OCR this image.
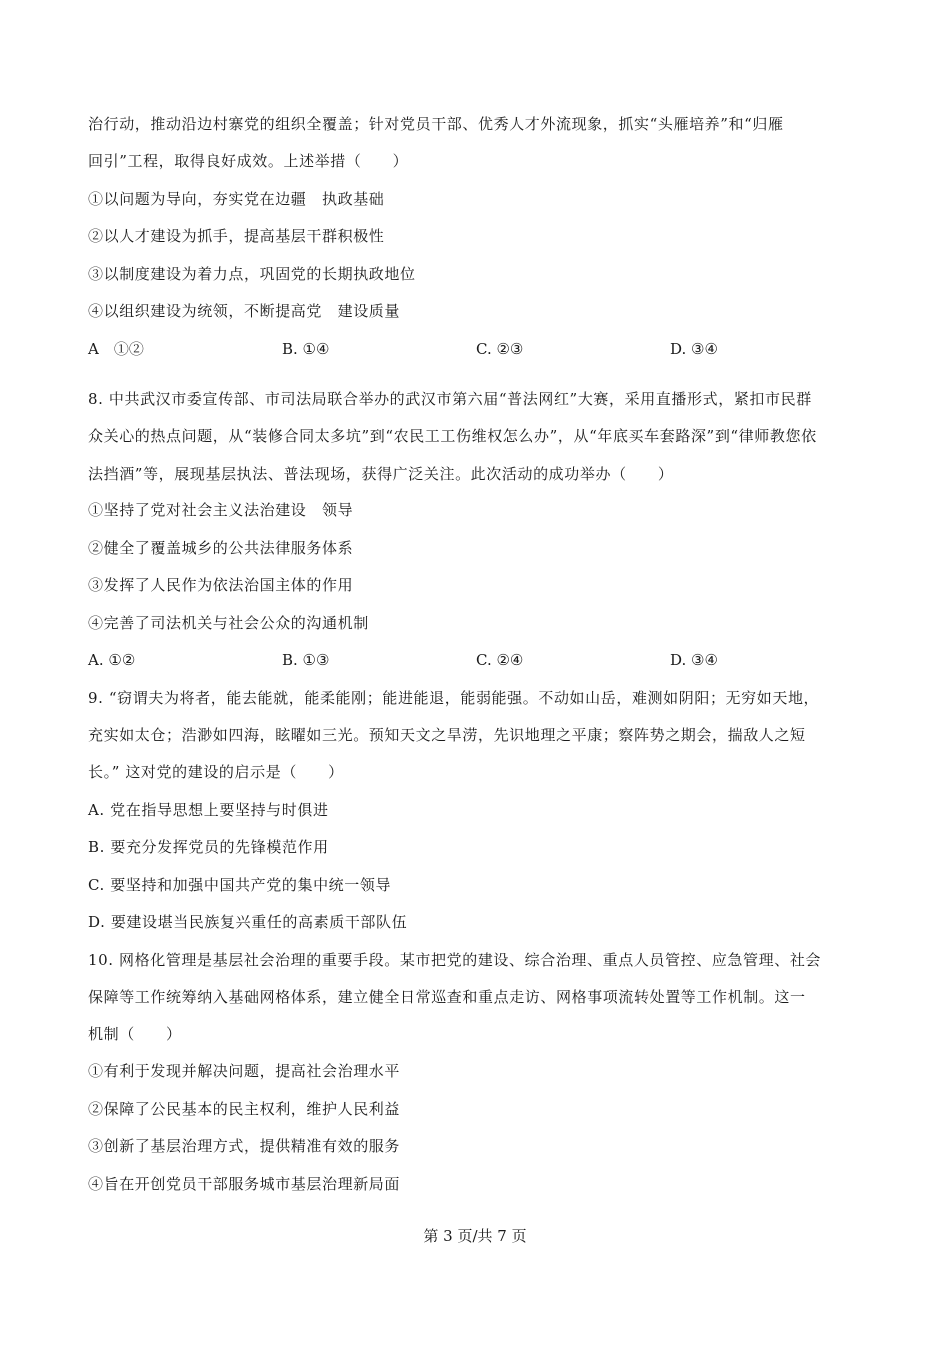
治行动，推动沿边村寨党的组织全覆盖；针对党员干部、优秀人才外流现象，抓实“头雁培养”和“归雁
回引”工程，取得良好成效。上述举措（　　）
①以问题为导向，夯实党在边疆　执政基础
②以人才建设为抓手，提高基层干群积极性
③以制度建设为着力点，巩固党的长期执政地位
④以组织建设为统领，不断提高党　建设质量
A　①②	B. ①④	C. ②③	D. ③④
8. 中共武汉市委宣传部、市司法局联合举办的武汉市第六届“普法网红”大赛，采用直播形式，紧扣市民群
众关心的热点问题，从“装修合同太多坑”到“农民工工伤维权怎么办”，从“年底买车套路深”到“律师教您依
法挡酒”等，展现基层执法、普法现场，获得广泛关注。此次活动的成功举办（　　）
①坚持了党对社会主义法治建设　领导
②健全了覆盖城乡的公共法律服务体系
③发挥了人民作为依法治国主体的作用
④完善了司法机关与社会公众的沟通机制
A. ①②	B. ①③	C. ②④	D. ③④
9. “窃谓夫为将者，能去能就，能柔能刚；能进能退，能弱能强。不动如山岳，难测如阴阳；无穷如天地，
充实如太仓；浩渺如四海，眩曜如三光。预知天文之旱涝，先识地理之平康；察阵势之期会，揣敌人之短
长。” 这对党的建设的启示是（　　）
A. 党在指导思想上要坚持与时俱进
B. 要充分发挥党员的先锋模范作用
C. 要坚持和加强中国共产党的集中统一领导
D. 要建设堪当民族复兴重任的高素质干部队伍
10. 网格化管理是基层社会治理的重要手段。某市把党的建设、综合治理、重点人员管控、应急管理、社会
保障等工作统筹纳入基础网格体系，建立健全日常巡查和重点走访、网格事项流转处置等工作机制。这一
机制（　　）
①有利于发现并解决问题，提高社会治理水平
②保障了公民基本的民主权利，维护人民利益
③创新了基层治理方式，提供精准有效的服务
④旨在开创党员干部服务城市基层治理新局面
第 3 页/共 7 页
